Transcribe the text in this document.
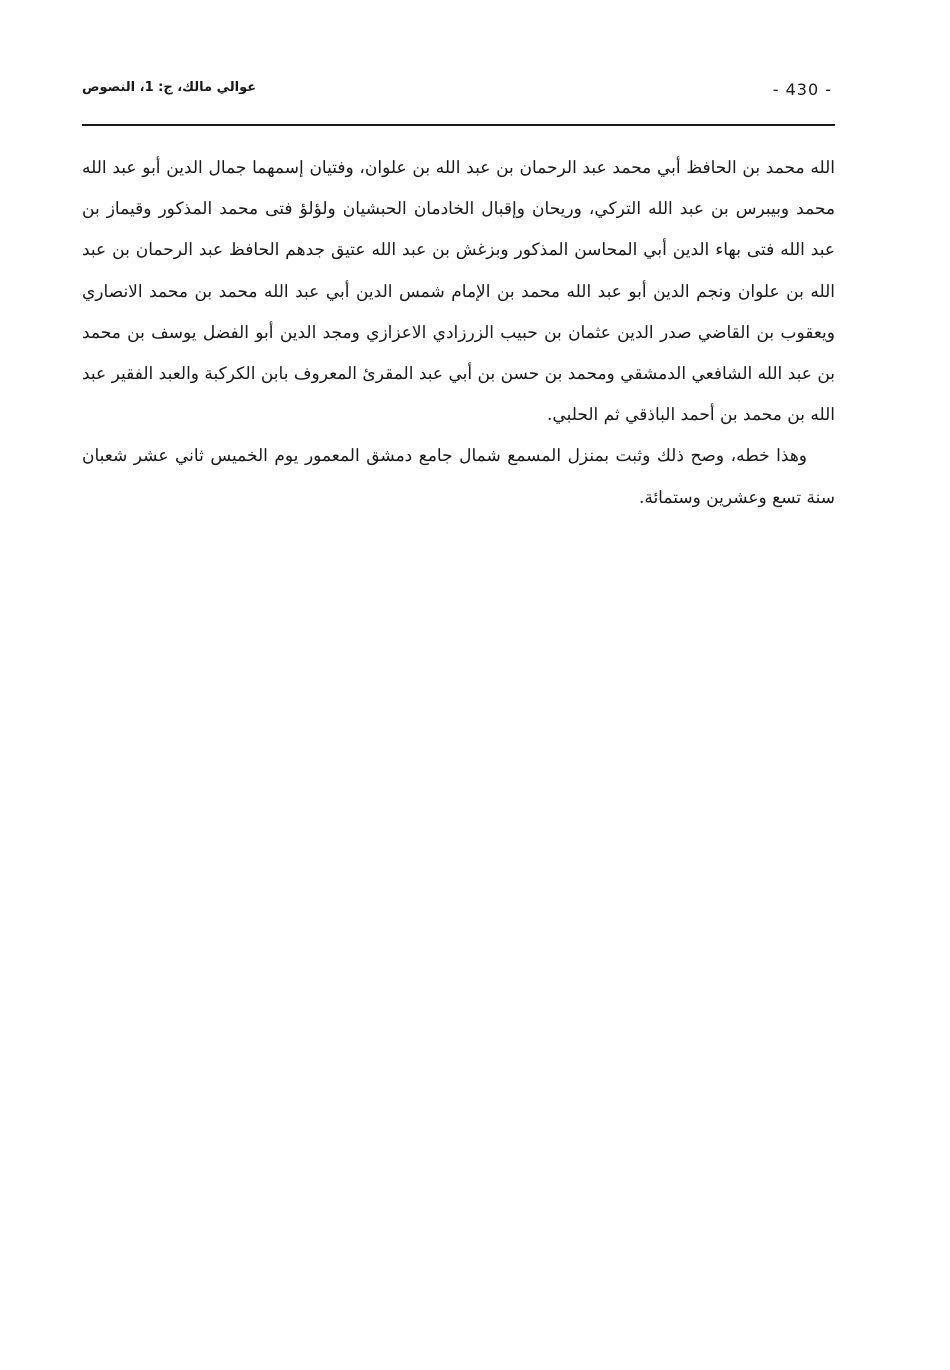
عوالي مالك، ج: 1، النصوص	- 430 -

الله محمد بن الحافظ أبي محمد عبد الرحمان بن عبد الله بن علوان، وفتيان إسمهما جمال الدين أبو عبد الله محمد وبيبرس بن عبد الله التركي، وريحان وإقبال الخادمان الحبشيان ولؤلؤ فتى محمد المذكور وقيماز بن عبد الله فتى بهاء الدين أبي المحاسن المذكور وبزغش بن عبد الله عتيق جدهم الحافظ عبد الرحمان بن عبد الله بن علوان ونجم الدين أبو عبد الله محمد بن الإمام شمس الدين أبي عبد الله محمد بن محمد الانصاري ويعقوب بن القاضي صدر الدين عثمان بن حبيب الزرزادي الاعزازي ومجد الدين أبو الفضل يوسف بن محمد بن عبد الله الشافعي الدمشقي ومحمد بن حسن بن أبي عبد المقرئ المعروف بابن الكركبة والعبد الفقير عبد الله بن محمد بن أحمد الباذقي ثم الحلبي.

وهذا خطه، وصح ذلك وثبت بمنزل المسمع شمال جامع دمشق المعمور يوم الخميس ثاني عشر شعبان سنة تسع وعشرين وستمائة.
